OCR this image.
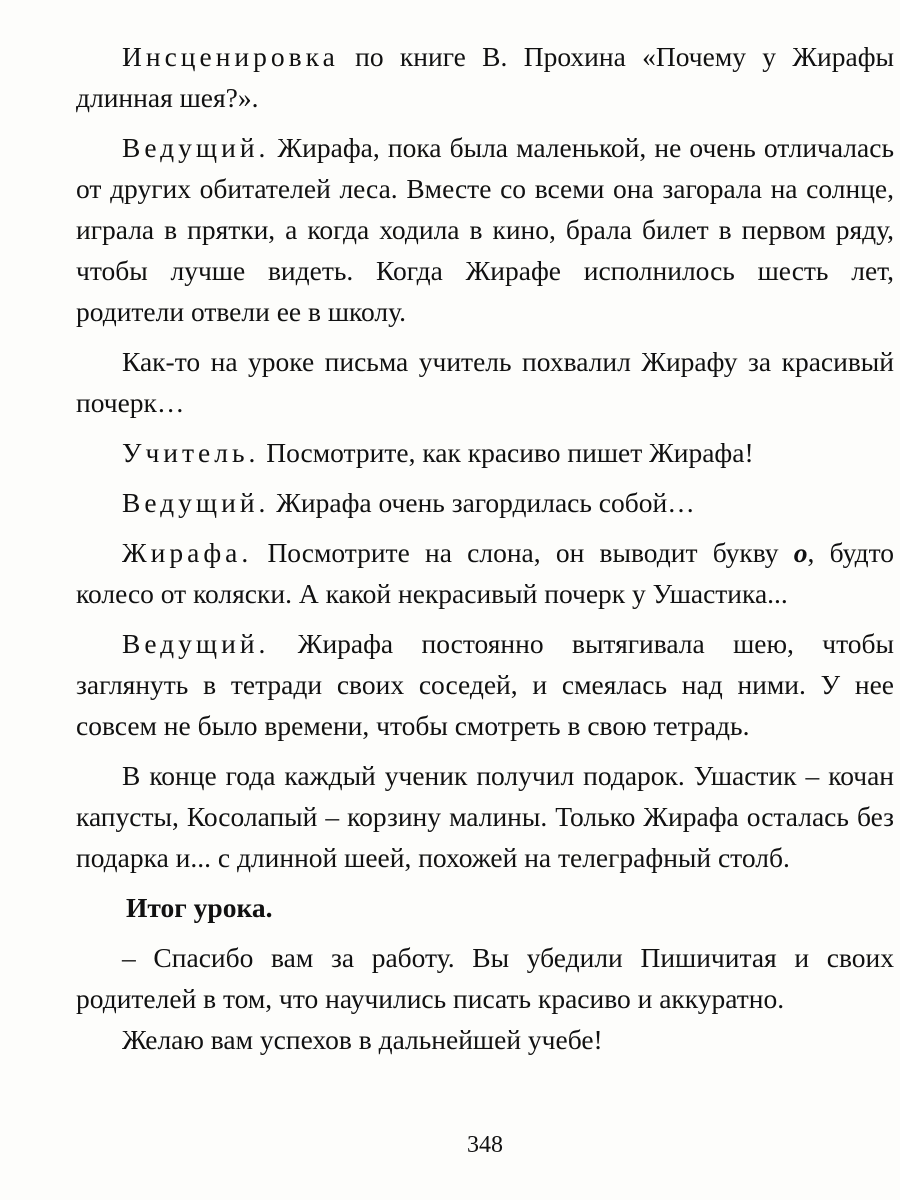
Инсценировка по книге В. Прохина «Почему у Жирафы длинная шея?».

Ведущий. Жирафа, пока была маленькой, не очень отличалась от других обитателей леса. Вместе со всеми она загорала на солнце, играла в прятки, а когда ходила в кино, брала билет в первом ряду, чтобы лучше видеть. Когда Жирафе исполнилось шесть лет, родители отвели ее в школу.

Как-то на уроке письма учитель похвалил Жирафу за красивый почерк…

Учитель. Посмотрите, как красиво пишет Жирафа!

Ведущий. Жирафа очень загордилась собой…

Жирафа. Посмотрите на слона, он выводит букву о, будто колесо от коляски. А какой некрасивый почерк у Ушастика...

Ведущий. Жирафа постоянно вытягивала шею, чтобы заглянуть в тетради своих соседей, и смеялась над ними. У нее совсем не было времени, чтобы смотреть в свою тетрадь.

В конце года каждый ученик получил подарок. Ушастик – кочан капусты, Косолапый – корзину малины. Только Жирафа осталась без подарка и... с длинной шеей, похожей на телеграфный столб.

Итог урока.

– Спасибо вам за работу. Вы убедили Пишичитая и своих родителей в том, что научились писать красиво и аккуратно.

Желаю вам успехов в дальнейшей учебе!

348
